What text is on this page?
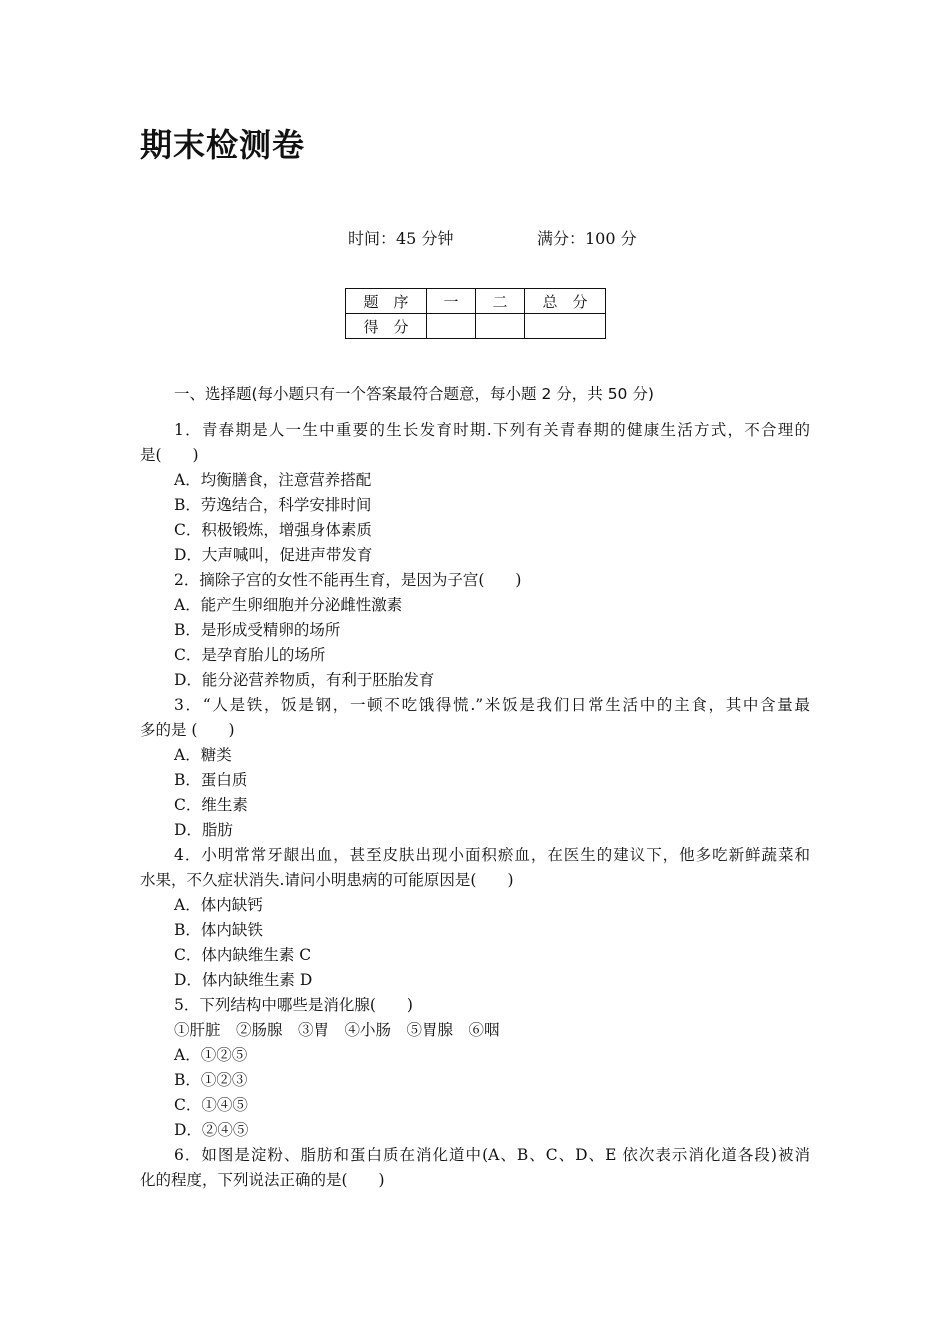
期末检测卷
时间：45 分钟	满分：100 分
题　序	一	二	总　分
得　分			
一、选择题(每小题只有一个答案最符合题意，每小题 2 分，共 50 分)
1．青春期是人一生中重要的生长发育时期.下列有关青春期的健康生活方式，不合理的
是(　　)
A．均衡膳食，注意营养搭配
B．劳逸结合，科学安排时间
C．积极锻炼，增强身体素质
D．大声喊叫，促进声带发育
2．摘除子宫的女性不能再生育，是因为子宫(　　)
A．能产生卵细胞并分泌雌性激素
B．是形成受精卵的场所
C．是孕育胎儿的场所
D．能分泌营养物质，有利于胚胎发育
3．“人是铁，饭是钢，一顿不吃饿得慌.”米饭是我们日常生活中的主食，其中含量最
多的是 (　　)
A．糖类
B．蛋白质
C．维生素
D．脂肪
4．小明常常牙龈出血，甚至皮肤出现小面积瘀血，在医生的建议下，他多吃新鲜蔬菜和
水果，不久症状消失.请问小明患病的可能原因是(　　)
A．体内缺钙
B．体内缺铁
C．体内缺维生素 C
D．体内缺维生素 D
5．下列结构中哪些是消化腺(　　)
①肝脏　②肠腺　③胃　④小肠　⑤胃腺　⑥咽
A．①②⑤
B．①②③
C．①④⑤
D．②④⑤
6．如图是淀粉、脂肪和蛋白质在消化道中(A、B、C、D、E 依次表示消化道各段)被消
化的程度，下列说法正确的是(　　)
